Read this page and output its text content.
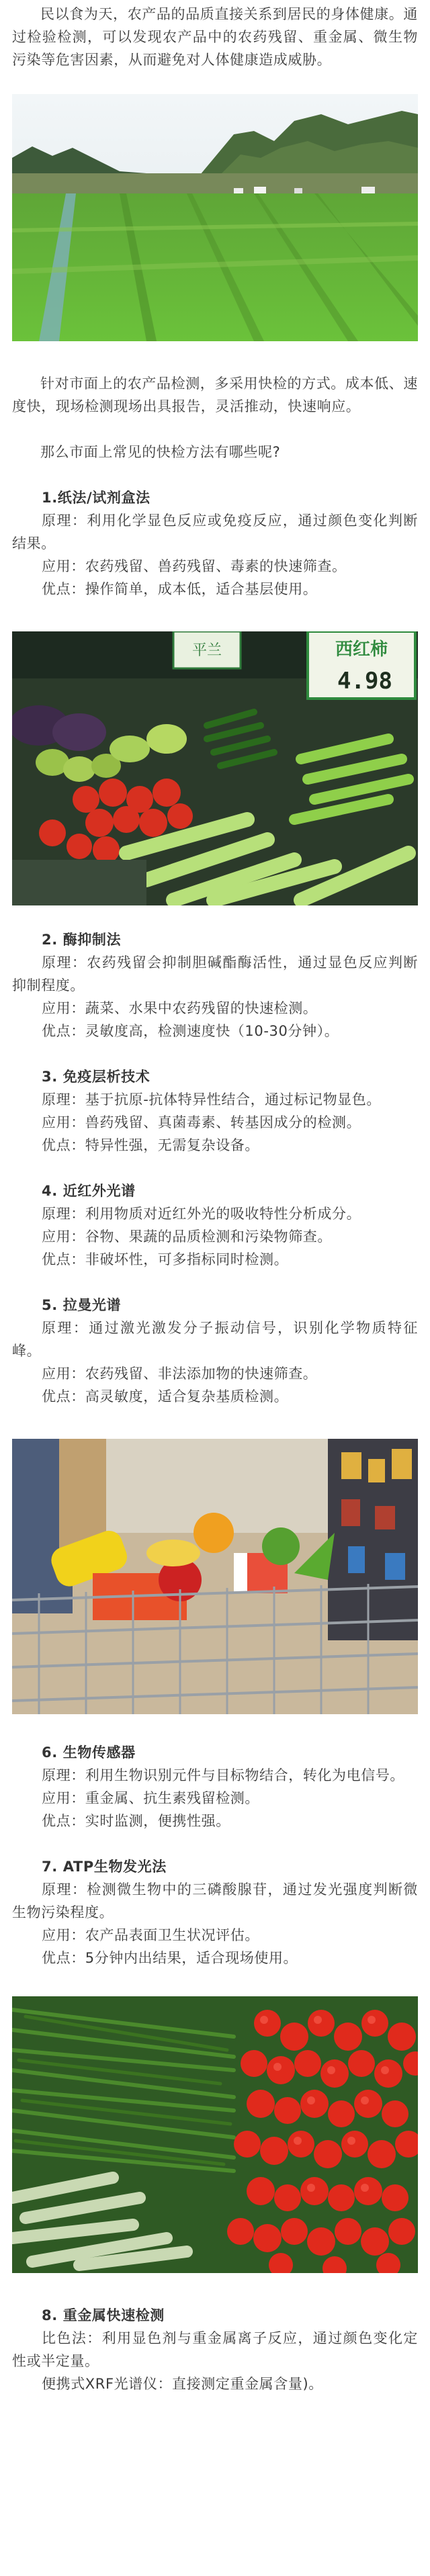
民以食为天，农产品的品质直接关系到居民的身体健康。通过检验检测，可以发现农产品中的农药残留、重金属、微生物污染等危害因素，从而避免对人体健康造成威胁。

针对市面上的农产品检测，多采用快检的方式。成本低、速度快，现场检测现场出具报告，灵活推动，快速响应。

那么市面上常见的快检方法有哪些呢?

1.纸法/试剂盒法

原理：利用化学显色反应或免疫反应，通过颜色变化判断结果。

应用：农药残留、兽药残留、毒素的快速筛查。

优点：操作简单，成本低，适合基层使用。

平兰	西红柿
4.98

2. 酶抑制法

原理：农药残留会抑制胆碱酯酶活性，通过显色反应判断抑制程度。

应用：蔬菜、水果中农药残留的快速检测。

优点：灵敏度高，检测速度快（10-30分钟）。

3. 免疫层析技术

原理：基于抗原-抗体特异性结合，通过标记物显色。

应用：兽药残留、真菌毒素、转基因成分的检测。

优点：特异性强，无需复杂设备。

4. 近红外光谱

原理：利用物质对近红外光的吸收特性分析成分。

应用：谷物、果蔬的品质检测和污染物筛查。

优点：非破坏性，可多指标同时检测。

5. 拉曼光谱

原理：通过激光激发分子振动信号，识别化学物质特征峰。

应用：农药残留、非法添加物的快速筛查。

优点：高灵敏度，适合复杂基质检测。

6. 生物传感器

原理：利用生物识别元件与目标物结合，转化为电信号。

应用：重金属、抗生素残留检测。

优点：实时监测，便携性强。

7. ATP生物发光法

原理：检测微生物中的三磷酸腺苷，通过发光强度判断微生物污染程度。

应用：农产品表面卫生状况评估。

优点：5分钟内出结果，适合现场使用。

8. 重金属快速检测

比色法：利用显色剂与重金属离子反应，通过颜色变化定性或半定量。

便携式XRF光谱仪：直接测定重金属含量)。
